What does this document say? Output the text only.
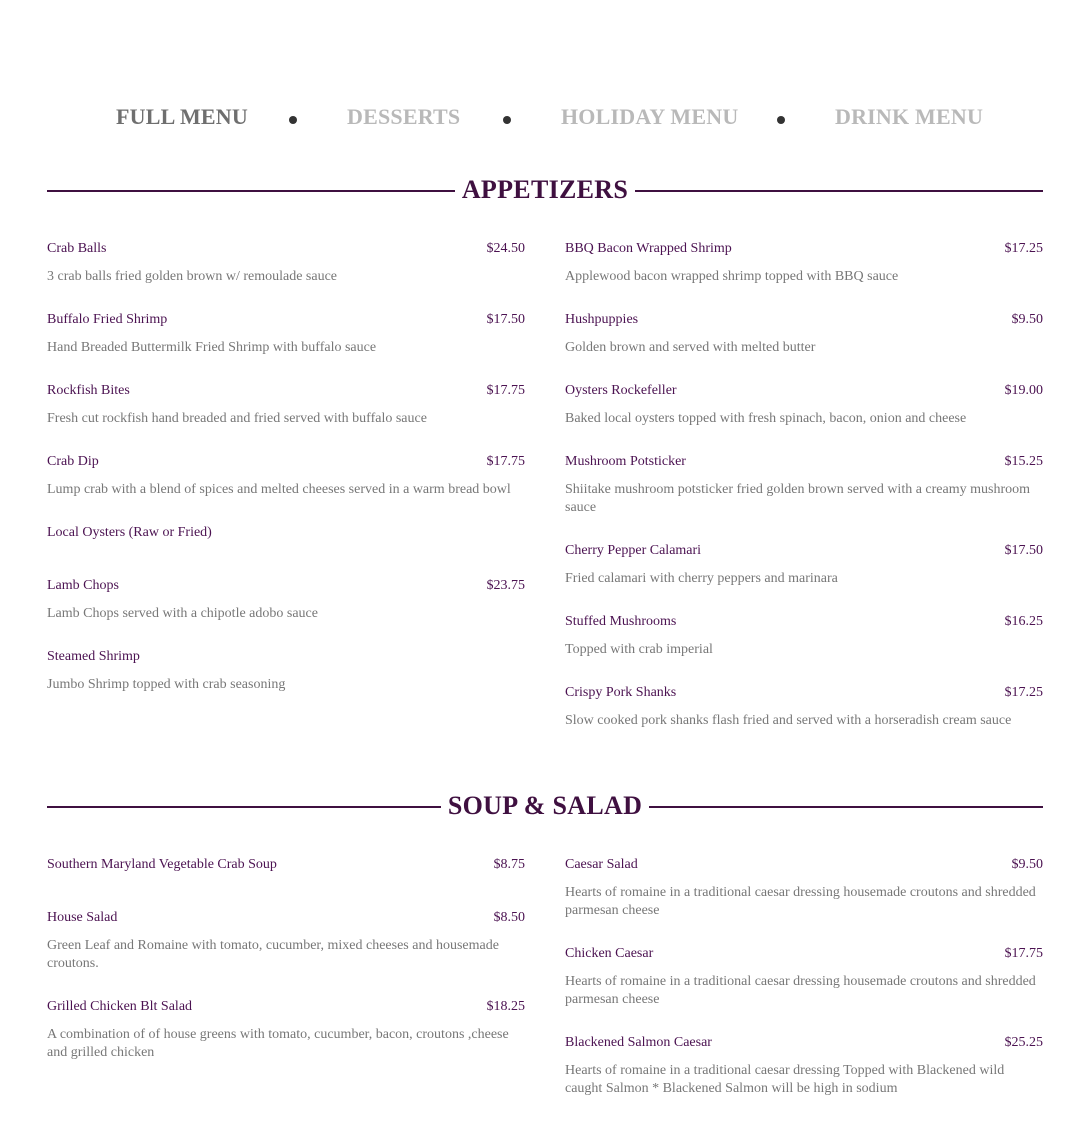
FULL MENU	DESSERTS	HOLIDAY MENU	DRINK MENU
APPETIZERS
Crab Balls	$24.50
3 crab balls fried golden brown w/ remoulade sauce
Buffalo Fried Shrimp	$17.50
Hand Breaded Buttermilk Fried Shrimp with buffalo sauce
Rockfish Bites	$17.75
Fresh cut rockfish hand breaded and fried served with buffalo sauce
Crab Dip	$17.75
Lump crab with a blend of spices and melted cheeses served in a warm bread bowl
Local Oysters (Raw or Fried)
Lamb Chops	$23.75
Lamb Chops served with a chipotle adobo sauce
Steamed Shrimp
Jumbo Shrimp topped with crab seasoning
BBQ Bacon Wrapped Shrimp	$17.25
Applewood bacon wrapped shrimp topped with BBQ sauce
Hushpuppies	$9.50
Golden brown and served with melted butter
Oysters Rockefeller	$19.00
Baked local oysters topped with fresh spinach, bacon, onion and cheese
Mushroom Potsticker	$15.25
Shiitake mushroom potsticker fried golden brown served with a creamy mushroom sauce
Cherry Pepper Calamari	$17.50
Fried calamari with cherry peppers and marinara
Stuffed Mushrooms	$16.25
Topped with crab imperial
Crispy Pork Shanks	$17.25
Slow cooked pork shanks flash fried and served with a horseradish cream sauce
SOUP & SALAD
Southern Maryland Vegetable Crab Soup	$8.75
House Salad	$8.50
Green Leaf and Romaine with tomato, cucumber, mixed cheeses and housemade croutons.
Grilled Chicken Blt Salad	$18.25
A combination of of house greens with tomato, cucumber, bacon, croutons ,cheese and grilled chicken
Caesar Salad	$9.50
Hearts of romaine in a traditional caesar dressing housemade croutons and shredded parmesan cheese
Chicken Caesar	$17.75
Hearts of romaine in a traditional caesar dressing housemade croutons and shredded parmesan cheese
Blackened Salmon Caesar	$25.25
Hearts of romaine in a traditional caesar dressing Topped with Blackened wild caught Salmon * Blackened Salmon will be high in sodium
